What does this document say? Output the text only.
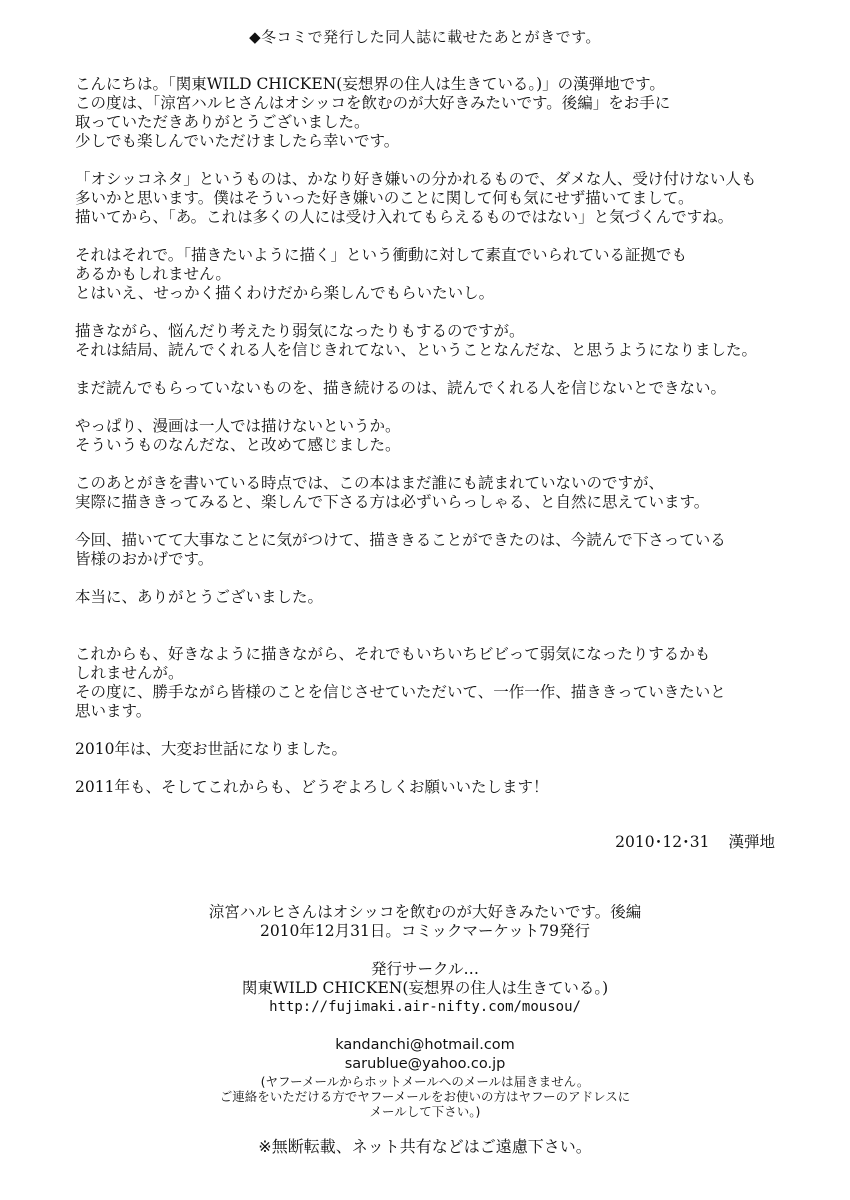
◆冬コミで発行した同人誌に載せたあとがきです。

こんにちは。「関東WILD CHICKEN(妄想界の住人は生きている。)」の漢弾地です。
この度は、「涼宮ハルヒさんはオシッコを飲むのが大好きみたいです。後編」をお手に
取っていただきありがとうございました。
少しでも楽しんでいただけましたら幸いです。

「オシッコネタ」というものは、かなり好き嫌いの分かれるもので、ダメな人、受け付けない人も
多いかと思います。僕はそういった好き嫌いのことに関して何も気にせず描いてまして。
描いてから、「あ。これは多くの人には受け入れてもらえるものではない」と気づくんですね。

それはそれで。「描きたいように描く」という衝動に対して素直でいられている証拠でも
あるかもしれません。
とはいえ、せっかく描くわけだから楽しんでもらいたいし。

描きながら、悩んだり考えたり弱気になったりもするのですが。
それは結局、読んでくれる人を信じきれてない、ということなんだな、と思うようになりました。

まだ読んでもらっていないものを、描き続けるのは、読んでくれる人を信じないとできない。

やっぱり、漫画は一人では描けないというか。
そういうものなんだな、と改めて感じました。

このあとがきを書いている時点では、この本はまだ誰にも読まれていないのですが、
実際に描ききってみると、楽しんで下さる方は必ずいらっしゃる、と自然に思えています。

今回、描いてて大事なことに気がつけて、描ききることができたのは、今読んで下さっている
皆様のおかげです。

本当に、ありがとうございました。

これからも、好きなように描きながら、それでもいちいちビビって弱気になったりするかも
しれませんが。
その度に、勝手ながら皆様のことを信じさせていただいて、一作一作、描ききっていきたいと
思います。

2010年は、大変お世話になりました。

2011年も、そしてこれからも、どうぞよろしくお願いいたします！

2010･12･31 漢弾地
涼宮ハルヒさんはオシッコを飲むのが大好きみたいです。後編
2010年12月31日。コミックマーケット79発行
発行サークル…
関東WILD CHICKEN(妄想界の住人は生きている。)
http://fujimaki.air-nifty.com/mousou/
kandanchi@hotmail.com
sarublue@yahoo.co.jp
(ヤフーメールからホットメールへのメールは届きません。
ご連絡をいただける方でヤフーメールをお使いの方はヤフーのアドレスに
メールして下さい。)
※無断転載、ネット共有などはご遠慮下さい。
